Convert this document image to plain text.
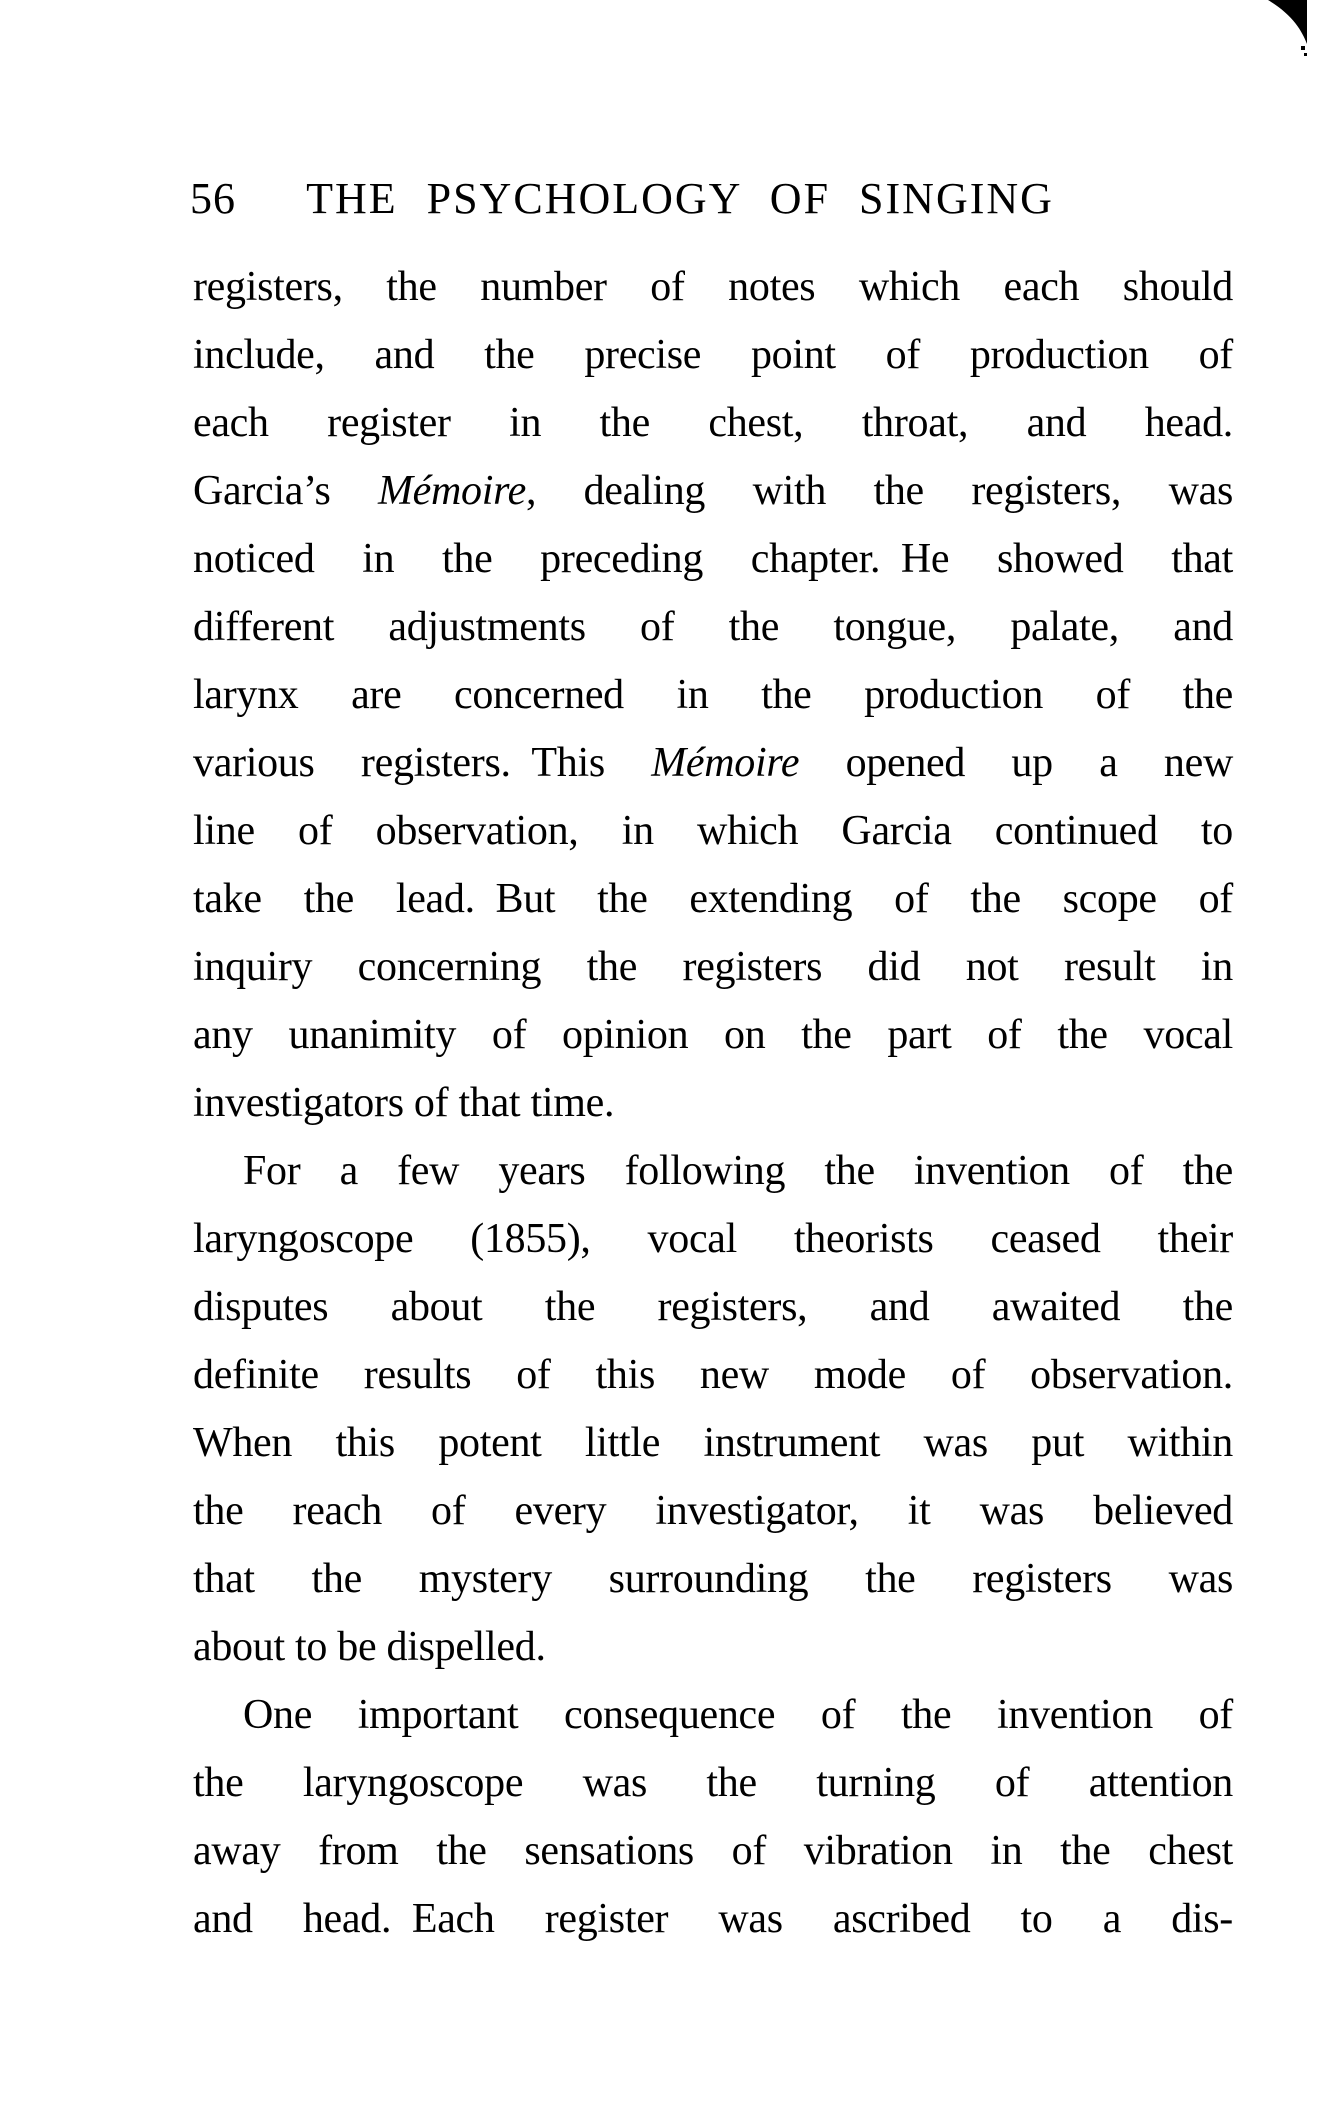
56 THE PSYCHOLOGY OF SINGING
registers, the number of notes which each should
include, and the precise point of production of
each register in the chest, throat, and head.
Garcia’s Mémoire, dealing with the registers, was
noticed in the preceding chapter. He showed that
different adjustments of the tongue, palate, and
larynx are concerned in the production of the
various registers. This Mémoire opened up a new
line of observation, in which Garcia continued to
take the lead. But the extending of the scope of
inquiry concerning the registers did not result in
any unanimity of opinion on the part of the vocal
investigators of that time.
For a few years following the invention of the
laryngoscope (1855), vocal theorists ceased their
disputes about the registers, and awaited the
definite results of this new mode of observation.
When this potent little instrument was put within
the reach of every investigator, it was believed
that the mystery surrounding the registers was
about to be dispelled.
One important consequence of the invention of
the laryngoscope was the turning of attention
away from the sensations of vibration in the chest
and head. Each register was ascribed to a dis-
